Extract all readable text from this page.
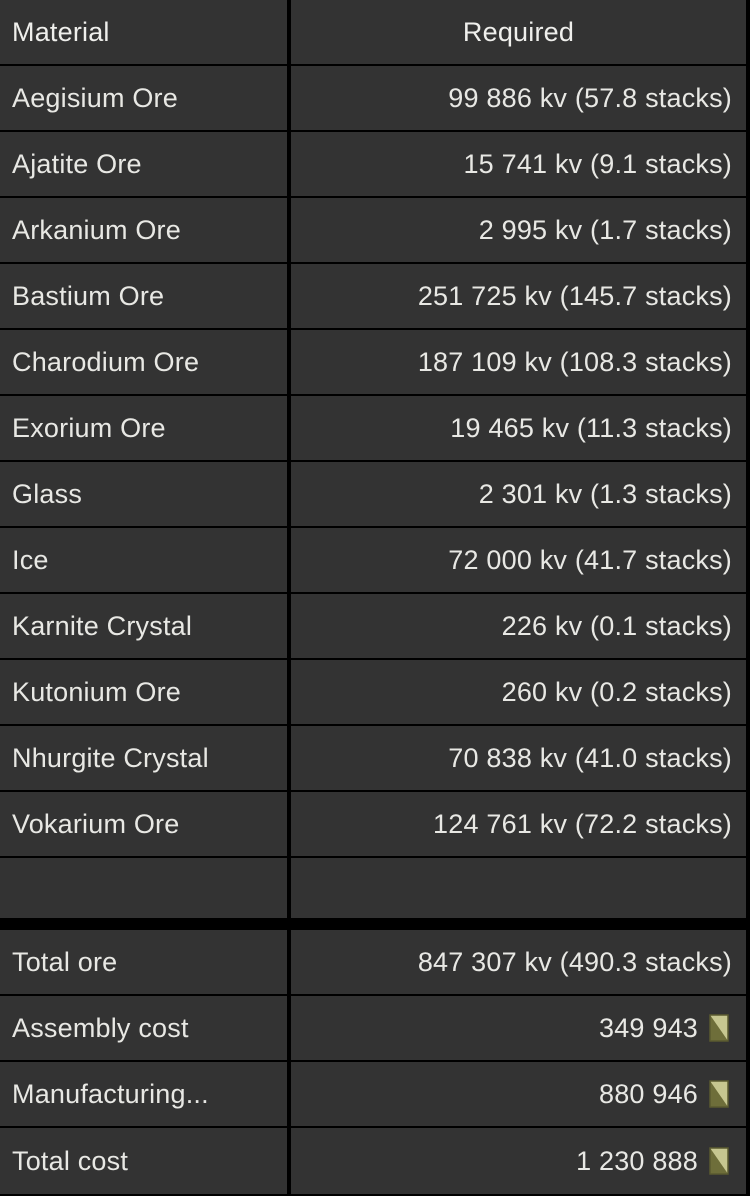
Material	Required
Aegisium Ore	99 886 kv (57.8 stacks)
Ajatite Ore	15 741 kv (9.1 stacks)
Arkanium Ore	2 995 kv (1.7 stacks)
Bastium Ore	251 725 kv (145.7 stacks)
Charodium Ore	187 109 kv (108.3 stacks)
Exorium Ore	19 465 kv (11.3 stacks)
Glass	2 301 kv (1.3 stacks)
Ice	72 000 kv (41.7 stacks)
Karnite Crystal	226 kv (0.1 stacks)
Kutonium Ore	260 kv (0.2 stacks)
Nhurgite Crystal	70 838 kv (41.0 stacks)
Vokarium Ore	124 761 kv (72.2 stacks)
Total ore	847 307 kv (490.3 stacks)
Assembly cost	349 943
Manufacturing...	880 946
Total cost	1 230 888
